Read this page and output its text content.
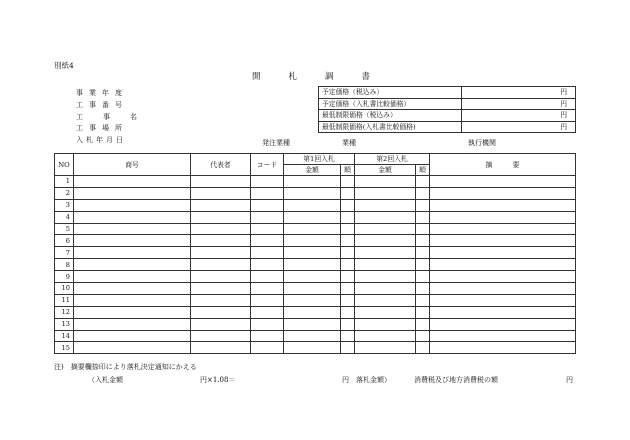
別紙4
開札調書
事業年度
工事番号
工事名
工事場所
入札年月日
予定価格（税込み）	円
予定価格（入札書比較価格）	円
最低制限価格（税込み）	円
最低制限価格(入札書比較価格)	円
発注業種	業種	執行機関
NO	商号	代表者	コード	第1回入札		第2回入札		摘　　　要
				金額	順	金額	順	
1								
2								
3								
4								
5								
6								
7								
8								
9								
10								
11								
12								
13								
14								
15								
注)　摘要欄捺印により落札決定通知にかえる
（入札金額	円×1.08＝	円　落札金額）	消費税及び地方消費税の額	円
